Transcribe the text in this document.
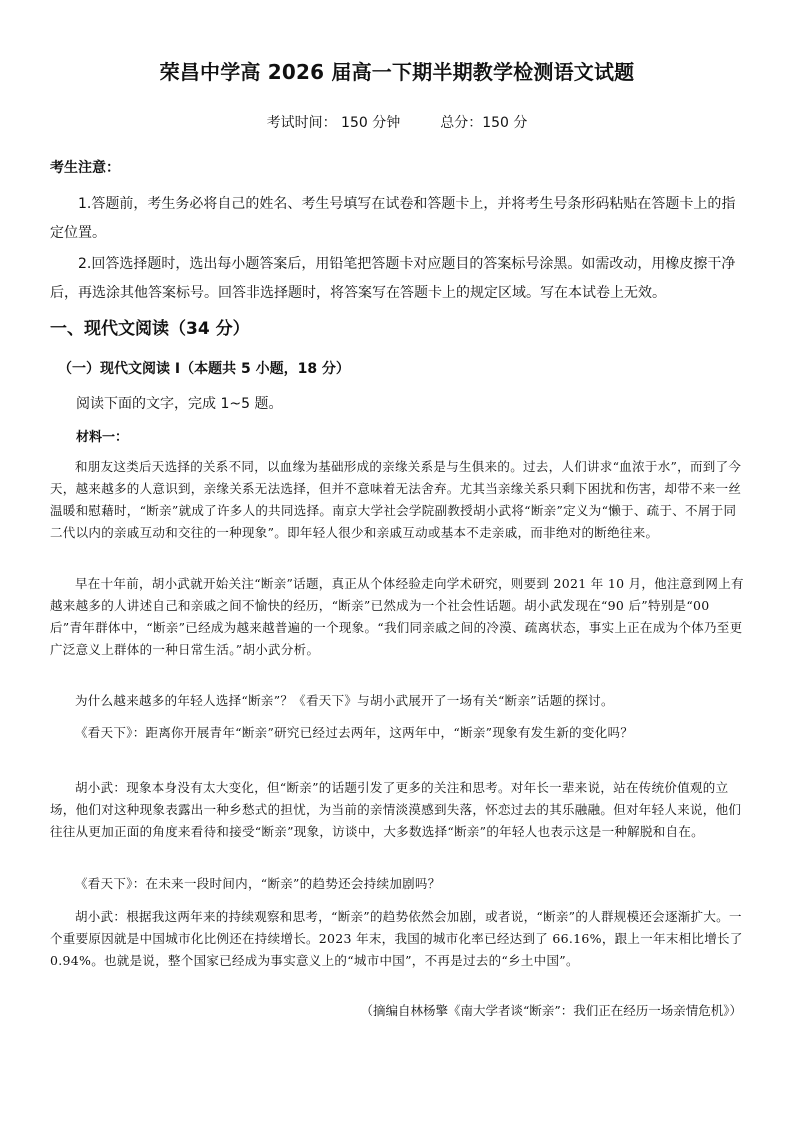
荣昌中学高 2026 届高一下期半期教学检测语文试题
考试时间： 150 分钟	总分：150 分
考生注意：
1.答题前，考生务必将自己的姓名、考生号填写在试卷和答题卡上，并将考生号条形码粘贴在答题卡上的指定位置。
2.回答选择题时，选出每小题答案后，用铅笔把答题卡对应题目的答案标号涂黑。如需改动，用橡皮擦干净后，再选涂其他答案标号。回答非选择题时，将答案写在答题卡上的规定区域。写在本试卷上无效。
一、现代文阅读（34 分）
（一）现代文阅读 Ⅰ（本题共 5 小题，18 分）
阅读下面的文字，完成 1~5 题。
材料一：
和朋友这类后天选择的关系不同，以血缘为基础形成的亲缘关系是与生俱来的。过去，人们讲求“血浓于水”，而到了今天，越来越多的人意识到，亲缘关系无法选择，但并不意味着无法舍弃。尤其当亲缘关系只剩下困扰和伤害，却带不来一丝温暖和慰藉时，“断亲”就成了许多人的共同选择。南京大学社会学院副教授胡小武将“断亲”定义为“懒于、疏于、不屑于同二代以内的亲戚互动和交往的一种现象”。即年轻人很少和亲戚互动或基本不走亲戚，而非绝对的断绝往来。
早在十年前，胡小武就开始关注“断亲”话题，真正从个体经验走向学术研究，则要到 2021 年 10 月，他注意到网上有越来越多的人讲述自己和亲戚之间不愉快的经历，“断亲”已然成为一个社会性话题。胡小武发现在“90 后”特别是“00 后”青年群体中，“断亲”已经成为越来越普遍的一个现象。“我们同亲戚之间的冷漠、疏离状态，事实上正在成为个体乃至更广泛意义上群体的一种日常生活。”胡小武分析。
为什么越来越多的年轻人选择“断亲”？《看天下》与胡小武展开了一场有关“断亲”话题的探讨。
《看天下》：距离你开展青年“断亲”研究已经过去两年，这两年中，“断亲”现象有发生新的变化吗？
胡小武：现象本身没有太大变化，但“断亲”的话题引发了更多的关注和思考。对年长一辈来说，站在传统价值观的立场，他们对这种现象表露出一种乡愁式的担忧，为当前的亲情淡漠感到失落，怀恋过去的其乐融融。但对年轻人来说，他们往往从更加正面的角度来看待和接受“断亲”现象，访谈中，大多数选择“断亲”的年轻人也表示这是一种解脱和自在。
《看天下》：在未来一段时间内，“断亲”的趋势还会持续加剧吗？
胡小武：根据我这两年来的持续观察和思考，“断亲”的趋势依然会加剧，或者说，“断亲”的人群规模还会逐渐扩大。一个重要原因就是中国城市化比例还在持续增长。2023 年末，我国的城市化率已经达到了 66.16%，跟上一年末相比增长了 0.94%。也就是说，整个国家已经成为事实意义上的“城市中国”，不再是过去的“乡土中国”。
（摘编自林杨擎《南大学者谈“断亲”：我们正在经历一场亲情危机》）
